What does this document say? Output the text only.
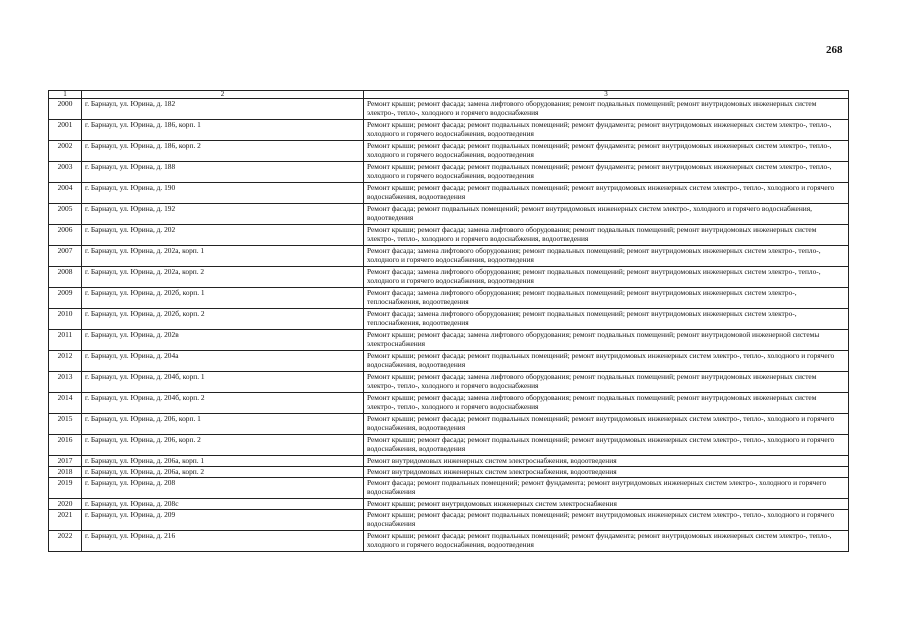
268
1	2	3
2000	г. Барнаул, ул. Юрина, д. 182	Ремонт крыши; ремонт фасада; замена лифтового оборудования; ремонт подвальных помещений; ремонт внутридомовых инженерных систем электро-, тепло-, холодного и горячего водоснабжения
2001	г. Барнаул, ул. Юрина, д. 186, корп. 1	Ремонт крыши; ремонт фасада; ремонт подвальных помещений; ремонт фундамента; ремонт внутридомовых инженерных систем электро-, тепло-, холодного и горячего водоснабжения, водоотведения
2002	г. Барнаул, ул. Юрина, д. 186, корп. 2	Ремонт крыши; ремонт фасада; ремонт подвальных помещений; ремонт фундамента; ремонт внутридомовых инженерных систем электро-, тепло-, холодного и горячего водоснабжения, водоотведения
2003	г. Барнаул, ул. Юрина, д. 188	Ремонт крыши; ремонт фасада; ремонт подвальных помещений; ремонт фундамента; ремонт внутридомовых инженерных систем электро-, тепло-, холодного и горячего водоснабжения, водоотведения
2004	г. Барнаул, ул. Юрина, д. 190	Ремонт крыши; ремонт фасада; ремонт подвальных помещений; ремонт внутридомовых инженерных систем электро-, тепло-, холодного и горячего водоснабжения, водоотведения
2005	г. Барнаул, ул. Юрина, д. 192	Ремонт фасада; ремонт подвальных помещений; ремонт внутридомовых инженерных систем электро-, холодного и горячего водоснабжения, водоотведения
2006	г. Барнаул, ул. Юрина, д. 202	Ремонт крыши; ремонт фасада; замена лифтового оборудования; ремонт подвальных помещений; ремонт внутридомовых инженерных систем электро-, тепло-, холодного и горячего водоснабжения, водоотведения
2007	г. Барнаул, ул. Юрина, д. 202а, корп. 1	Ремонт фасада; замена лифтового оборудования; ремонт подвальных помещений; ремонт внутридомовых инженерных систем электро-, тепло-, холодного и горячего водоснабжения, водоотведения
2008	г. Барнаул, ул. Юрина, д. 202а, корп. 2	Ремонт фасада; замена лифтового оборудования; ремонт подвальных помещений; ремонт внутридомовых инженерных систем электро-, тепло-, холодного и горячего водоснабжения, водоотведения
2009	г. Барнаул, ул. Юрина, д. 202б, корп. 1	Ремонт фасада; замена лифтового оборудования; ремонт подвальных помещений; ремонт внутридомовых инженерных систем электро-, теплоснабжения, водоотведения
2010	г. Барнаул, ул. Юрина, д. 202б, корп. 2	Ремонт фасада; замена лифтового оборудования; ремонт подвальных помещений; ремонт внутридомовых инженерных систем электро-, теплоснабжения, водоотведения
2011	г. Барнаул, ул. Юрина, д. 202в	Ремонт крыши; ремонт фасада; замена лифтового оборудования; ремонт подвальных помещений; ремонт внутридомовой инженерной системы электроснабжения
2012	г. Барнаул, ул. Юрина, д. 204а	Ремонт крыши; ремонт фасада; ремонт подвальных помещений; ремонт внутридомовых инженерных систем электро-, тепло-, холодного и горячего водоснабжения, водоотведения
2013	г. Барнаул, ул. Юрина, д. 204б, корп. 1	Ремонт крыши; ремонт фасада; замена лифтового оборудования; ремонт подвальных помещений; ремонт внутридомовых инженерных систем электро-, тепло-, холодного и горячего водоснабжения
2014	г. Барнаул, ул. Юрина, д. 204б, корп. 2	Ремонт крыши; ремонт фасада; замена лифтового оборудования; ремонт подвальных помещений; ремонт внутридомовых инженерных систем электро-, тепло-, холодного и горячего водоснабжения
2015	г. Барнаул, ул. Юрина, д. 206, корп. 1	Ремонт крыши; ремонт фасада; ремонт подвальных помещений; ремонт внутридомовых инженерных систем электро-, тепло-, холодного и горячего водоснабжения, водоотведения
2016	г. Барнаул, ул. Юрина, д. 206, корп. 2	Ремонт крыши; ремонт фасада; ремонт подвальных помещений; ремонт внутридомовых инженерных систем электро-, тепло-, холодного и горячего водоснабжения, водоотведения
2017	г. Барнаул, ул. Юрина, д. 206а, корп. 1	Ремонт внутридомовых инженерных систем электроснабжения, водоотведения
2018	г. Барнаул, ул. Юрина, д. 206а, корп. 2	Ремонт внутридомовых инженерных систем электроснабжения, водоотведения
2019	г. Барнаул, ул. Юрина, д. 208	Ремонт фасада; ремонт подвальных помещений; ремонт фундамента; ремонт внутридомовых инженерных систем электро-, холодного и горячего водоснабжения
2020	г. Барнаул, ул. Юрина, д. 208с	Ремонт крыши; ремонт внутридомовых инженерных систем электроснабжения
2021	г. Барнаул, ул. Юрина, д. 209	Ремонт крыши; ремонт фасада; ремонт подвальных помещений; ремонт внутридомовых инженерных систем электро-, тепло-, холодного и горячего водоснабжения
2022	г. Барнаул, ул. Юрина, д. 216	Ремонт крыши; ремонт фасада; ремонт подвальных помещений; ремонт фундамента; ремонт внутридомовых инженерных систем электро-, тепло-, холодного и горячего водоснабжения, водоотведения
